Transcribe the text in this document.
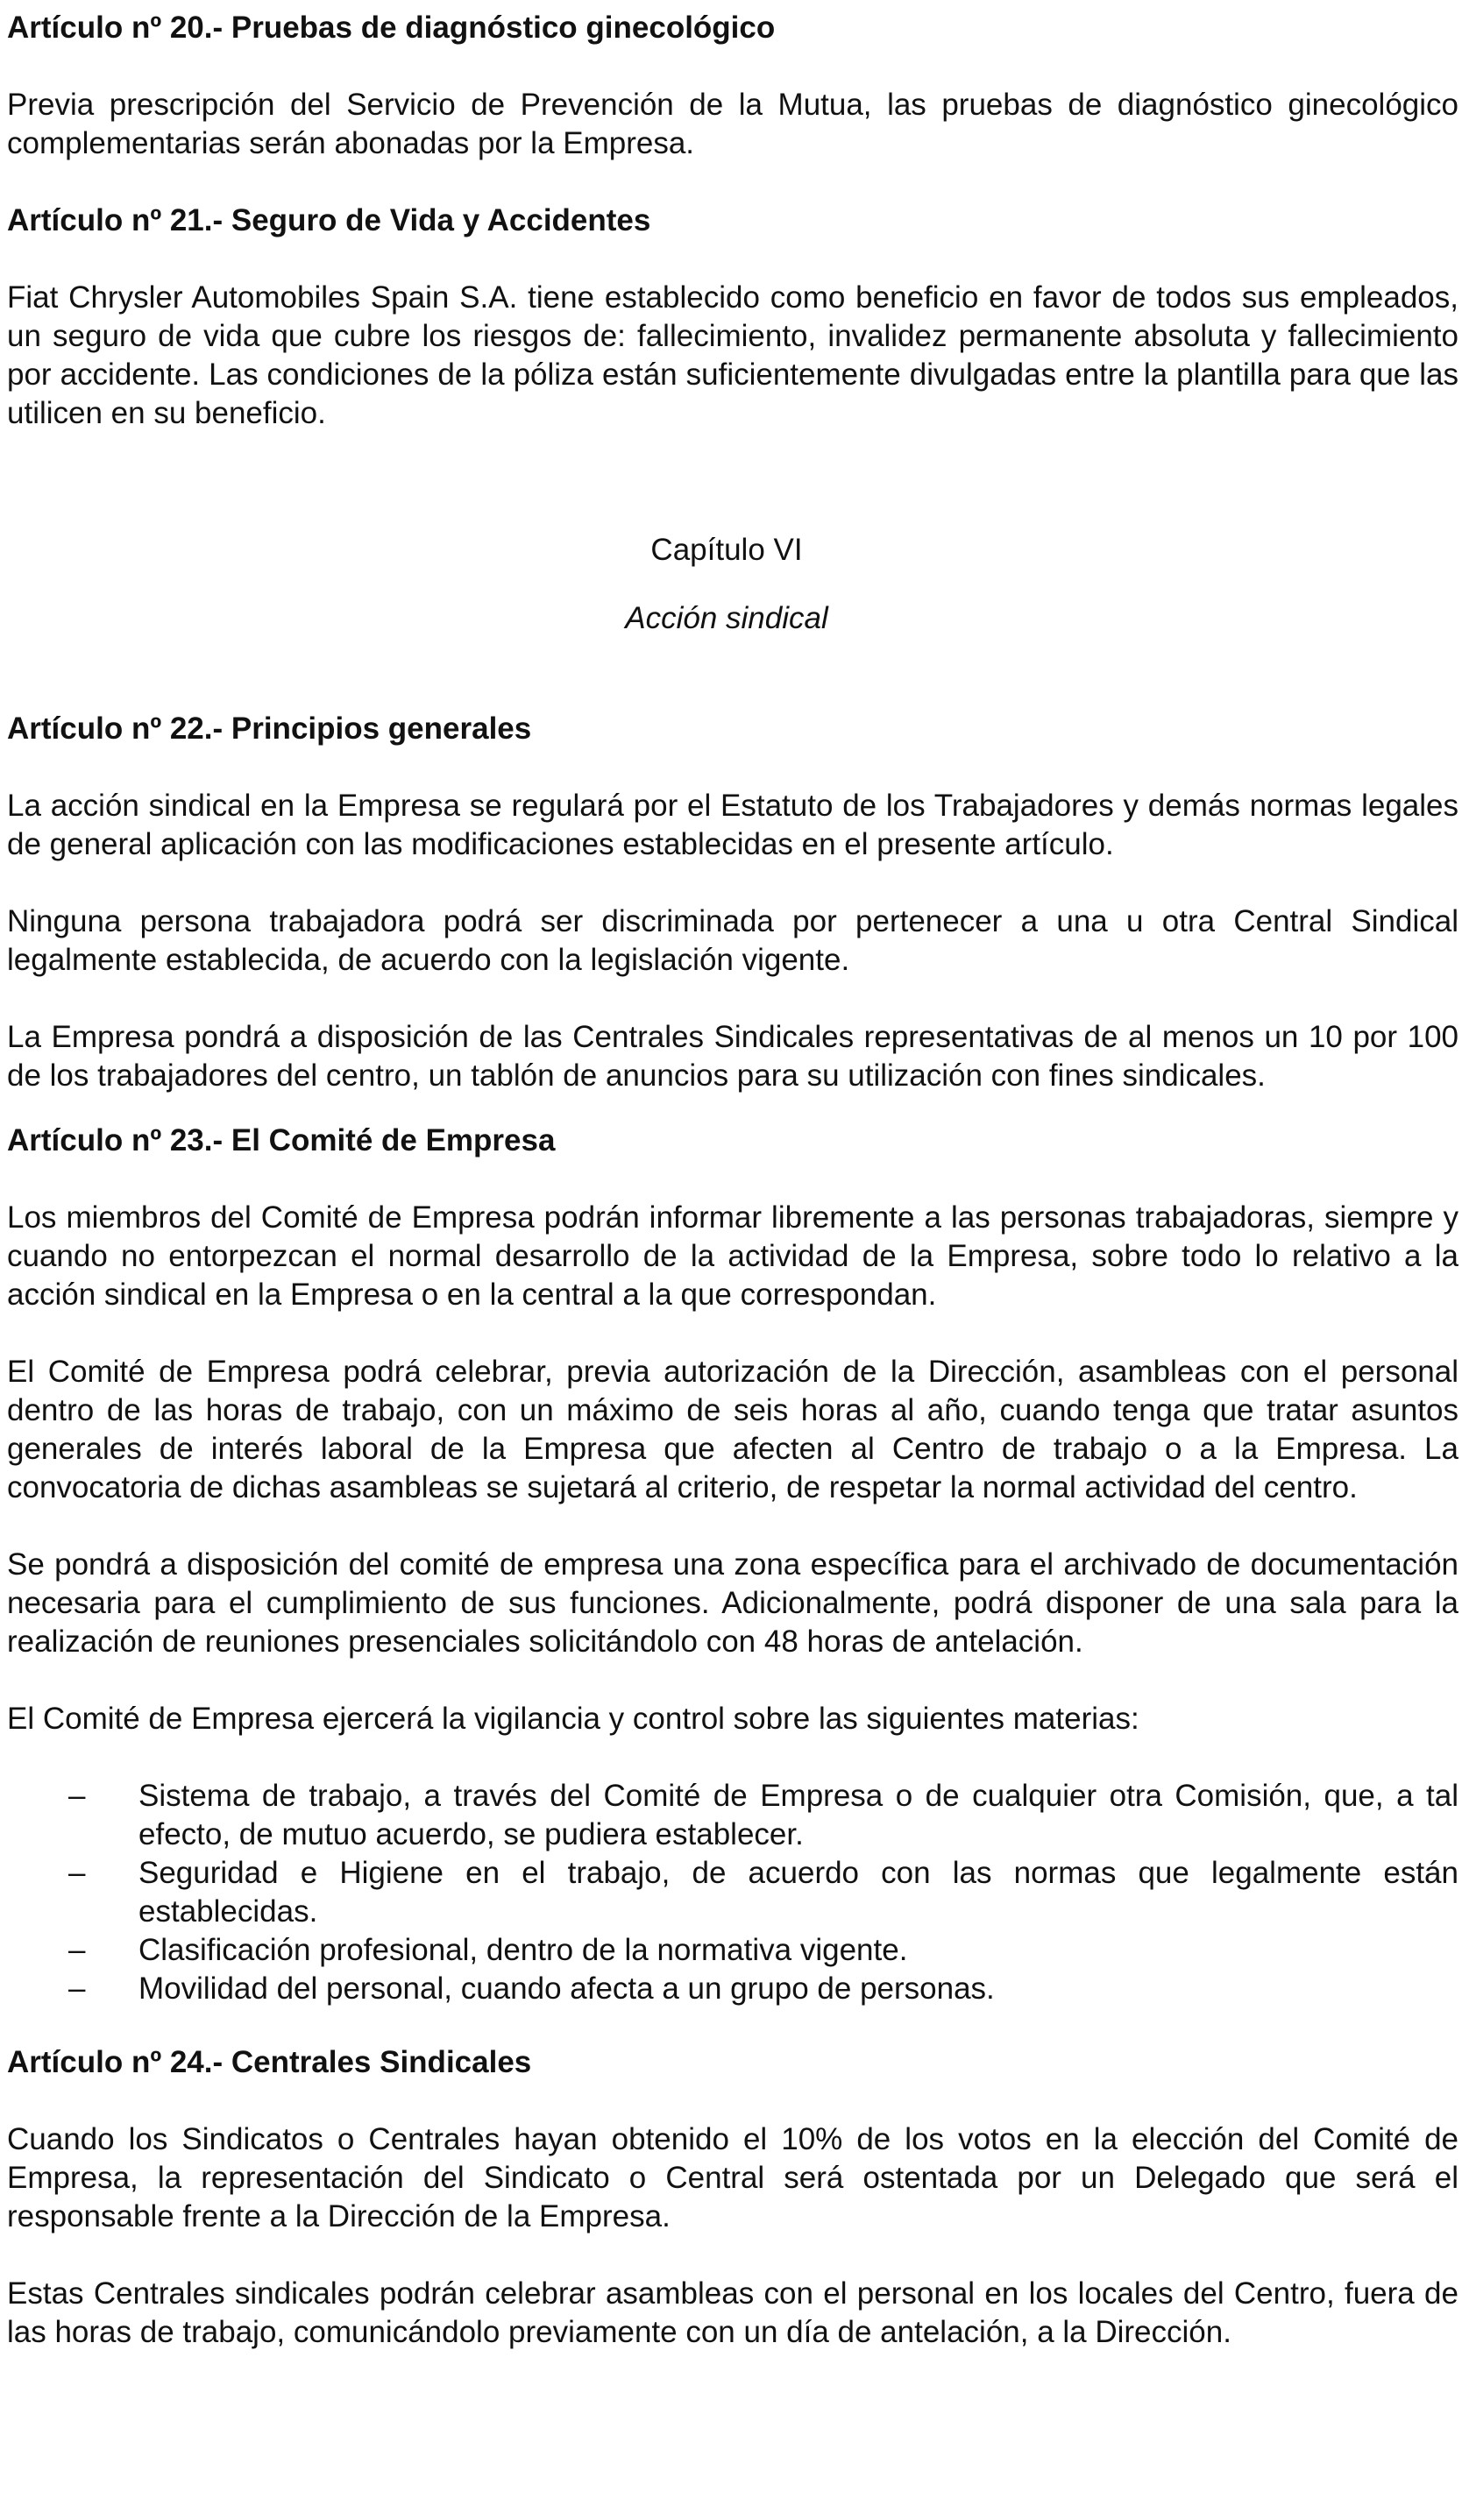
Artículo nº 20.- Pruebas de diagnóstico ginecológico

Previa prescripción del Servicio de Prevención de la Mutua, las pruebas de diagnóstico ginecológico complementarias serán abonadas por la Empresa.

Artículo nº 21.- Seguro de Vida y Accidentes

Fiat Chrysler Automobiles Spain S.A. tiene establecido como beneficio en favor de todos sus empleados, un seguro de vida que cubre los riesgos de: fallecimiento, invalidez permanente absoluta y fallecimiento por accidente. Las condiciones de la póliza están suficientemente divulgadas entre la plantilla para que las utilicen en su beneficio.

Capítulo VI

Acción sindical

Artículo nº 22.- Principios generales

La acción sindical en la Empresa se regulará por el Estatuto de los Trabajadores y demás normas legales de general aplicación con las modificaciones establecidas en el presente artículo.

Ninguna persona trabajadora podrá ser discriminada por pertenecer a una u otra Central Sindical legalmente establecida, de acuerdo con la legislación vigente.

La Empresa pondrá a disposición de las Centrales Sindicales representativas de al menos un 10 por 100 de los trabajadores del centro, un tablón de anuncios para su utilización con fines sindicales.

Artículo nº 23.- El Comité de Empresa

Los miembros del Comité de Empresa podrán informar libremente a las personas trabajadoras, siempre y cuando no entorpezcan el normal desarrollo de la actividad de la Empresa, sobre todo lo relativo a la acción sindical en la Empresa o en la central a la que correspondan.

El Comité de Empresa podrá celebrar, previa autorización de la Dirección, asambleas con el personal dentro de las horas de trabajo, con un máximo de seis horas al año, cuando tenga que tratar asuntos generales de interés laboral de la Empresa que afecten al Centro de trabajo o a la Empresa. La convocatoria de dichas asambleas se sujetará al criterio, de respetar la normal actividad del centro.

Se pondrá a disposición del comité de empresa una zona específica para el archivado de documentación necesaria para el cumplimiento de sus funciones. Adicionalmente, podrá disponer de una sala para la realización de reuniones presenciales solicitándolo con 48 horas de antelación.

El Comité de Empresa ejercerá la vigilancia y control sobre las siguientes materias:

– Sistema de trabajo, a través del Comité de Empresa o de cualquier otra Comisión, que, a tal efecto, de mutuo acuerdo, se pudiera establecer.
– Seguridad e Higiene en el trabajo, de acuerdo con las normas que legalmente están establecidas.
– Clasificación profesional, dentro de la normativa vigente.
– Movilidad del personal, cuando afecta a un grupo de personas.
Artículo nº 24.- Centrales Sindicales

Cuando los Sindicatos o Centrales hayan obtenido el 10% de los votos en la elección del Comité de Empresa, la representación del Sindicato o Central será ostentada por un Delegado que será el responsable frente a la Dirección de la Empresa.

Estas Centrales sindicales podrán celebrar asambleas con el personal en los locales del Centro, fuera de las horas de trabajo, comunicándolo previamente con un día de antelación, a la Dirección.
